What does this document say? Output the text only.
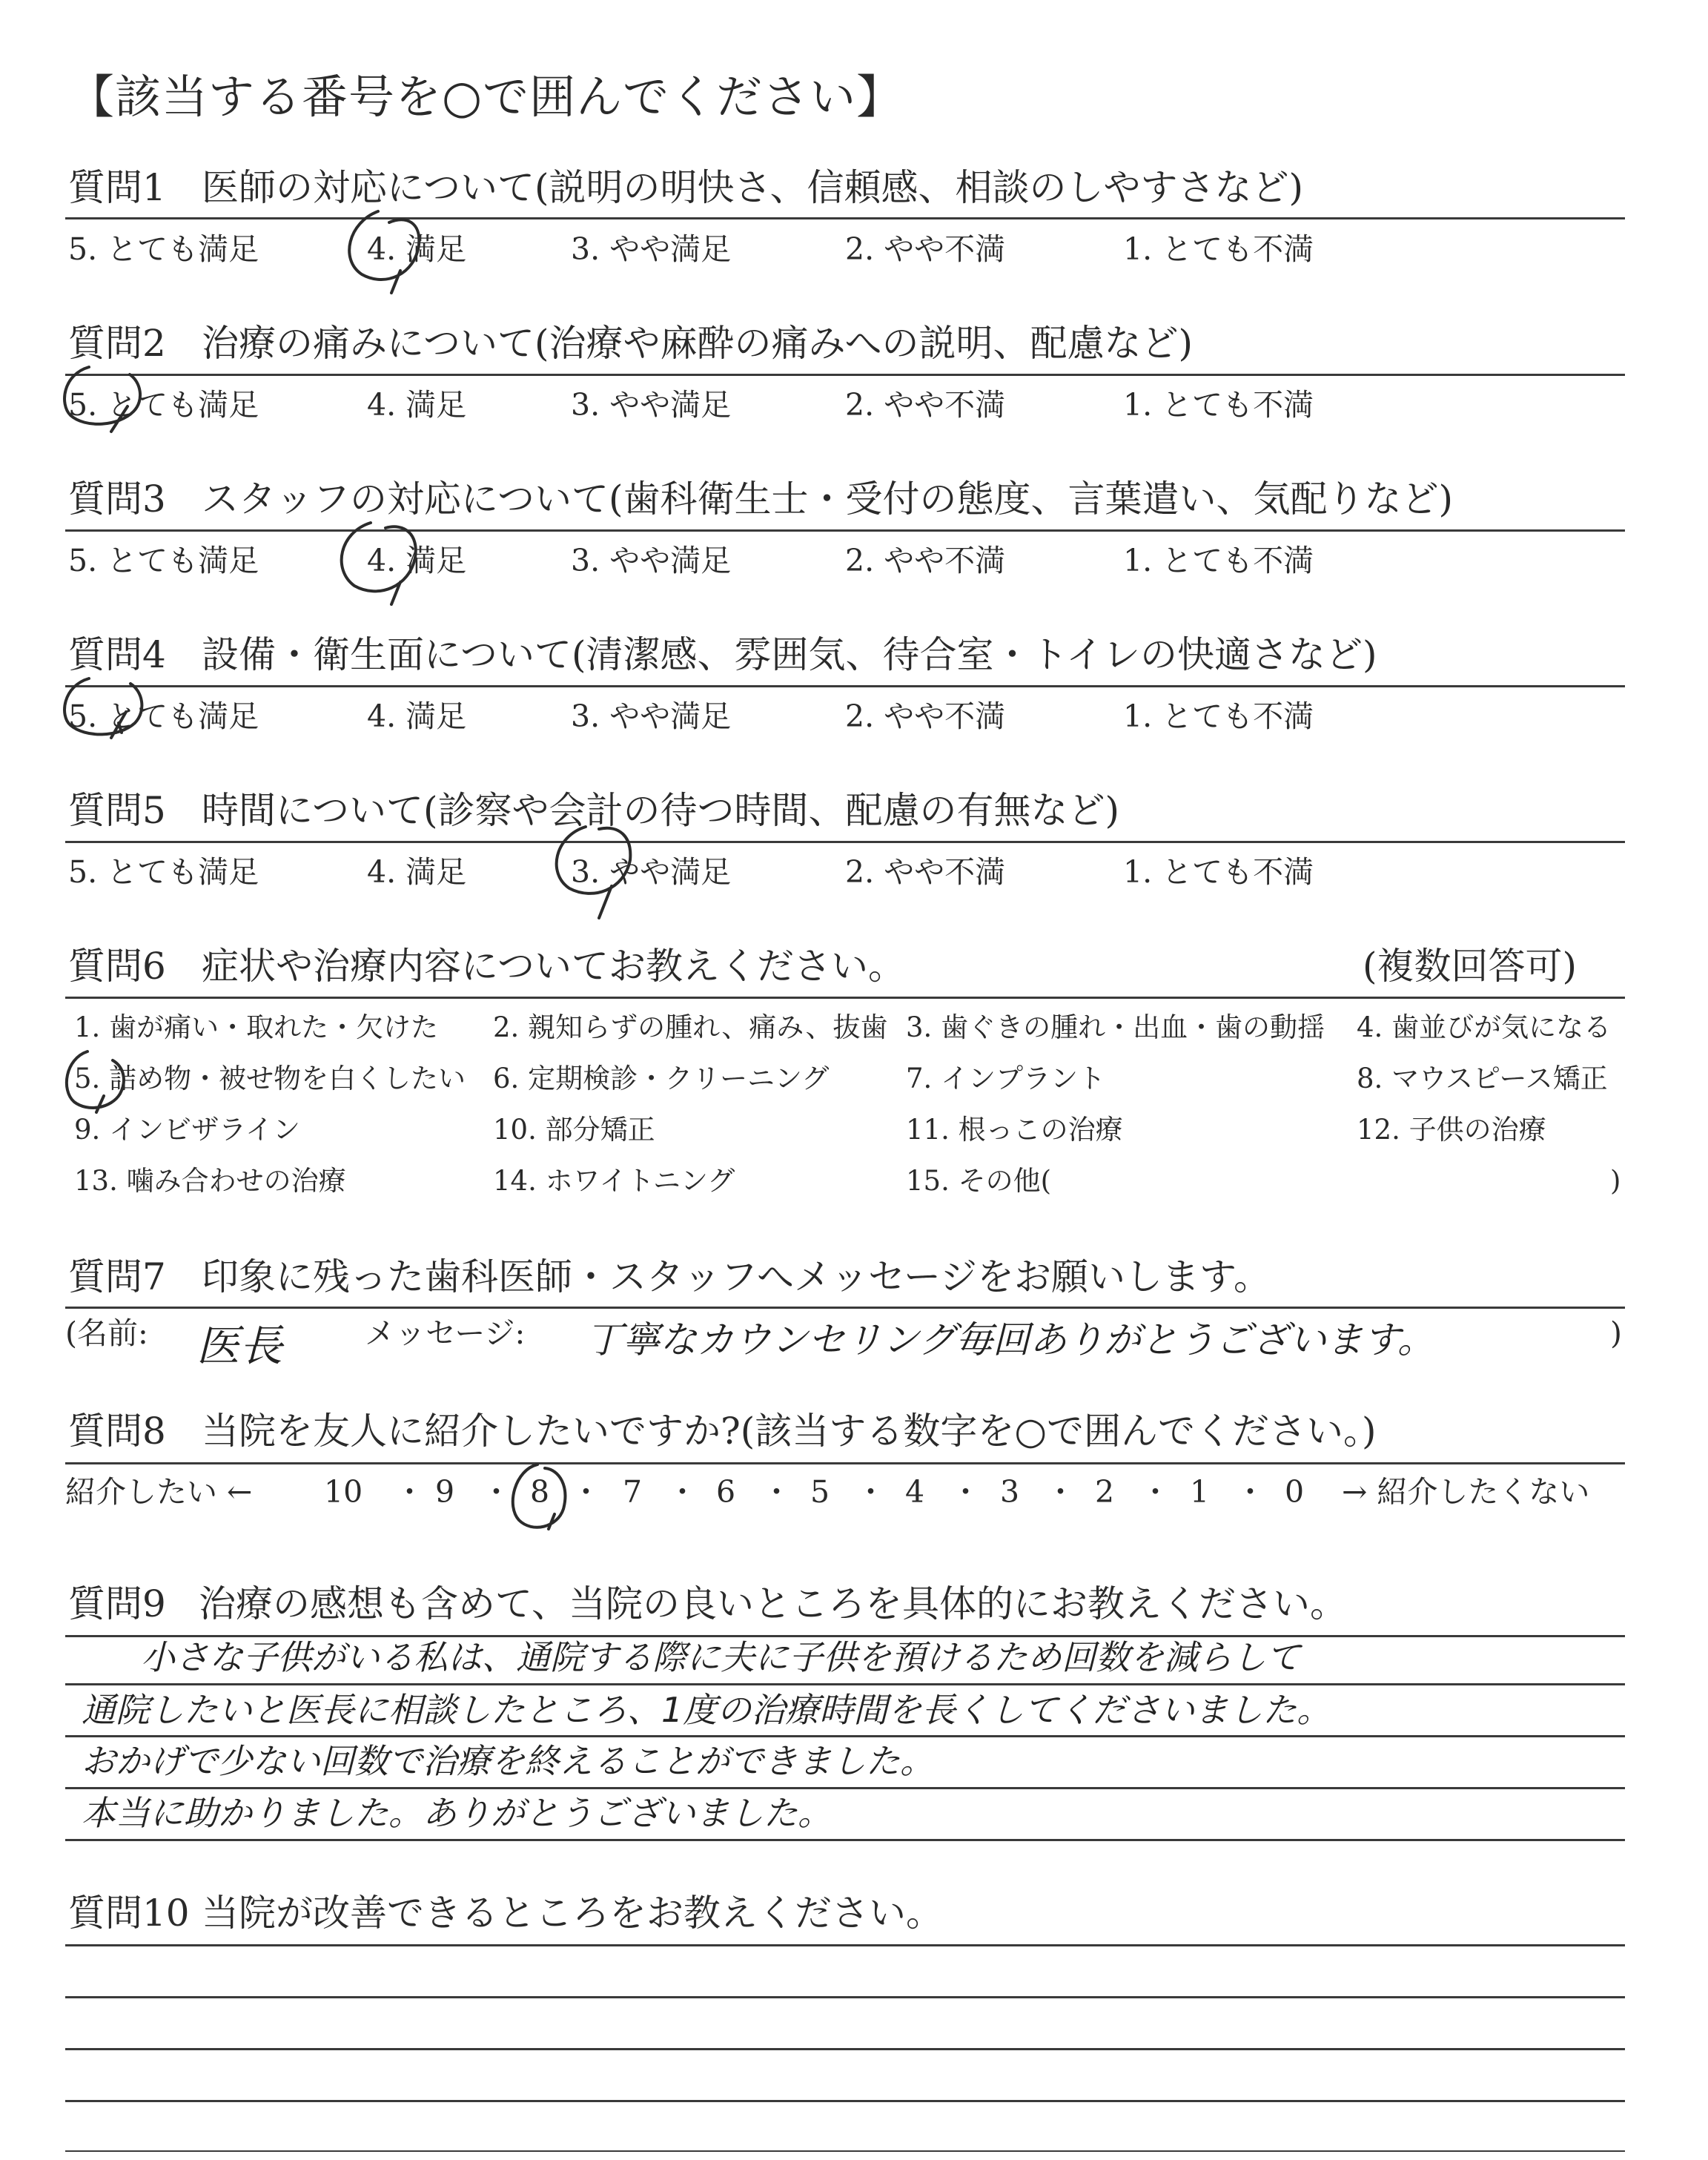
【該当する番号を○で囲んでください】
質問1 医師の対応について(説明の明快さ、信頼感、相談のしやすさなど)
5. とても満足	4. 満足	3. やや満足	2. やや不満	1. とても不満
質問2 治療の痛みについて(治療や麻酔の痛みへの説明、配慮など)
5. とても満足	4. 満足	3. やや満足	2. やや不満	1. とても不満
質問3 スタッフの対応について(歯科衛生士・受付の態度、言葉遣い、気配りなど)
5. とても満足	4. 満足	3. やや満足	2. やや不満	1. とても不満
質問4 設備・衛生面について(清潔感、雰囲気、待合室・トイレの快適さなど)
5. とても満足	4. 満足	3. やや満足	2. やや不満	1. とても不満
質問5 時間について(診察や会計の待つ時間、配慮の有無など)
5. とても満足	4. 満足	3. やや満足	2. やや不満	1. とても不満
質問6 症状や治療内容についてお教えください。	(複数回答可)
1. 歯が痛い・取れた・欠けた 2. 親知らずの腫れ、痛み、抜歯 3. 歯ぐきの腫れ・出血・歯の動揺 4. 歯並びが気になる
5. 詰め物・被せ物を白くしたい 6. 定期検診・クリーニング	7. インプラント	8. マウスピース矯正
9. インビザライン	10. 部分矯正	11. 根っこの治療	12. 子供の治療
13. 噛み合わせの治療	14. ホワイトニング	15. その他(	)
質問7 印象に残った歯科医師・スタッフへメッセージをお願いします。
(名前: 医長	メッセージ: 丁寧なカウンセリング毎回ありがとうございます。	)
質問8 当院を友人に紹介したいですか?(該当する数字を○で囲んでください。)
紹介したい ← 10 ・ 9 ・ 8 ・ 7 ・ 6 ・ 5 ・ 4 ・ 3 ・ 2 ・ 1 ・ 0 → 紹介したくない
質問9 治療の感想も含めて、当院の良いところを具体的にお教えください。
小さな子供がいる私は、通院する際に夫に子供を預けるため回数を減らして
通院したいと医長に相談したところ、1度の治療時間を長くしてくださいました。
おかげで少ない回数で治療を終えることができました。
本当に助かりました。ありがとうございました。
質問10 当院が改善できるところをお教えください。
